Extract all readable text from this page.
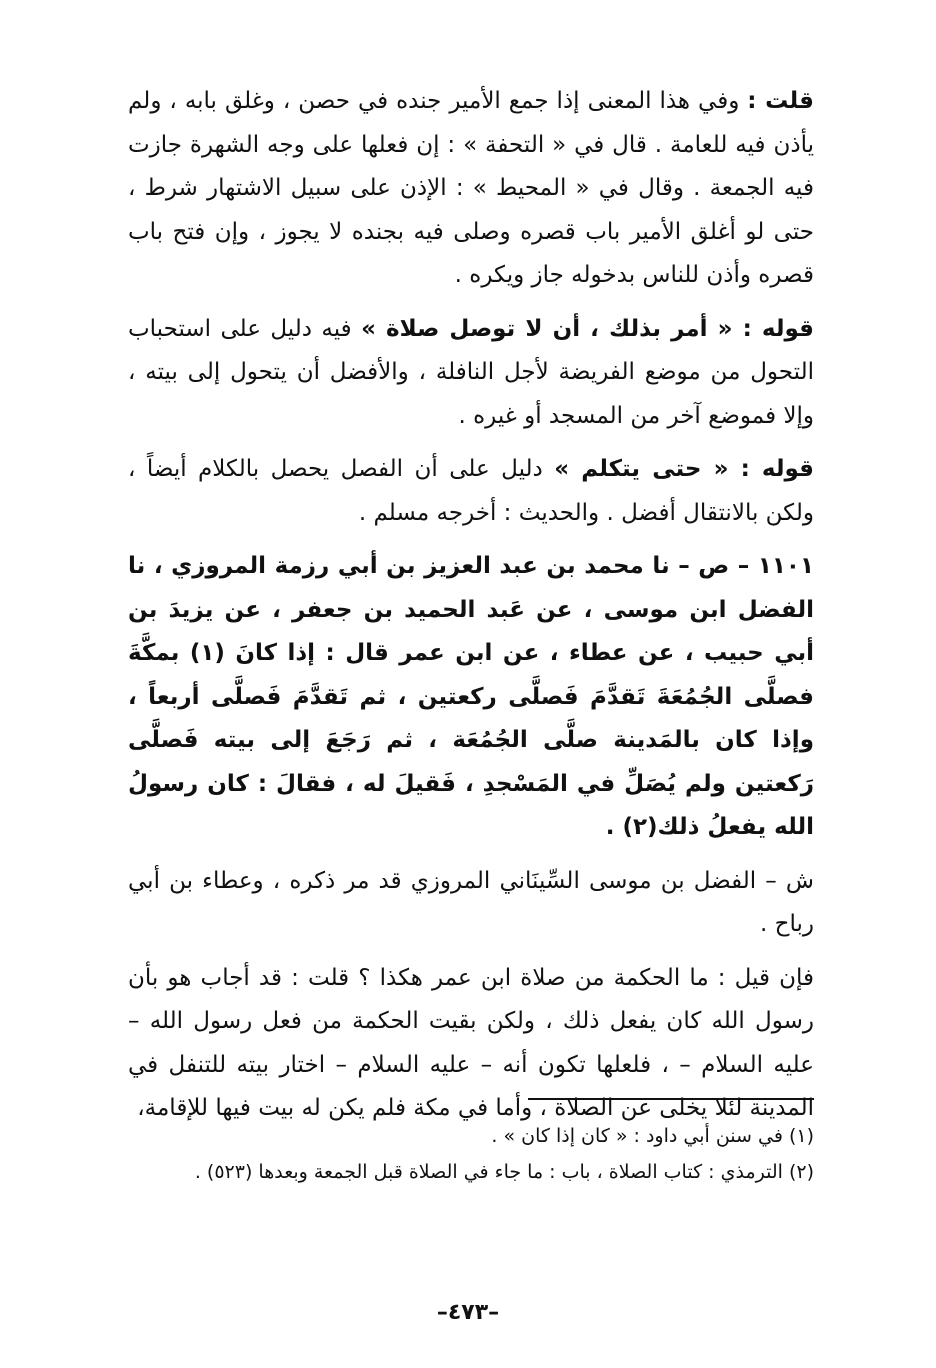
قلت : وفي هذا المعنى إذا جمع الأمير جنده في حصن ، وغلق بابه ، ولم يأذن فيه للعامة . قال في « التحفة » : إن فعلها على وجه الشهرة جازت فيه الجمعة . وقال في « المحيط » : الإذن على سبيل الاشتهار شرط ، حتى لو أغلق الأمير باب قصره وصلى فيه بجنده لا يجوز ، وإن فتح باب قصره وأذن للناس بدخوله جاز ويكره .

قوله : « أمر بذلك ، أن لا توصل صلاة » فيه دليل على استحباب التحول من موضع الفريضة لأجل النافلة ، والأفضل أن يتحول إلى بيته ، وإلا فموضع آخر من المسجد أو غيره .

قوله : « حتى يتكلم » دليل على أن الفصل يحصل بالكلام أيضاً ، ولكن بالانتقال أفضل . والحديث : أخرجه مسلم .

١١٠١ – ص – نا محمد بن عبد العزيز بن أبي رزمة المروزي ، نا الفضل ابن موسى ، عن عَبد الحميد بن جعفر ، عن يزيدَ بن أبي حبيب ، عن عطاء ، عن ابن عمر قال : إذا كانَ (١) بمكَّةَ فصلَّى الجُمُعَةَ تَقدَّمَ فَصلَّى ركعتين ، ثم تَقدَّمَ فَصلَّى أربعاً ، وإذا كان بالمَدينة صلَّى الجُمُعَة ، ثم رَجَعَ إلى بيته فَصلَّى رَكعتين ولم يُصَلِّ في المَسْجدِ ، فَقيلَ له ، فقالَ : كان رسولُ الله يفعلُ ذلك(٢) .

ش – الفضل بن موسى السِّينَاني المروزي قد مر ذكره ، وعطاء بن أبي رباح .

فإن قيل : ما الحكمة من صلاة ابن عمر هكذا ؟ قلت : قد أجاب هو بأن رسول الله كان يفعل ذلك ، ولكن بقيت الحكمة من فعل رسول الله –عليه السلام – ، فلعلها تكون أنه – عليه السلام – اختار بيته للتنفل في المدينة لئلا يخلى عن الصلاة ، وأما في مكة فلم يكن له بيت فيها للإقامة،

(١) في سنن أبي داود : « كان إذا كان » .

(٢) الترمذي : كتاب الصلاة ، باب : ما جاء في الصلاة قبل الجمعة وبعدها (٥٢٣) .

–٤٧٣–
